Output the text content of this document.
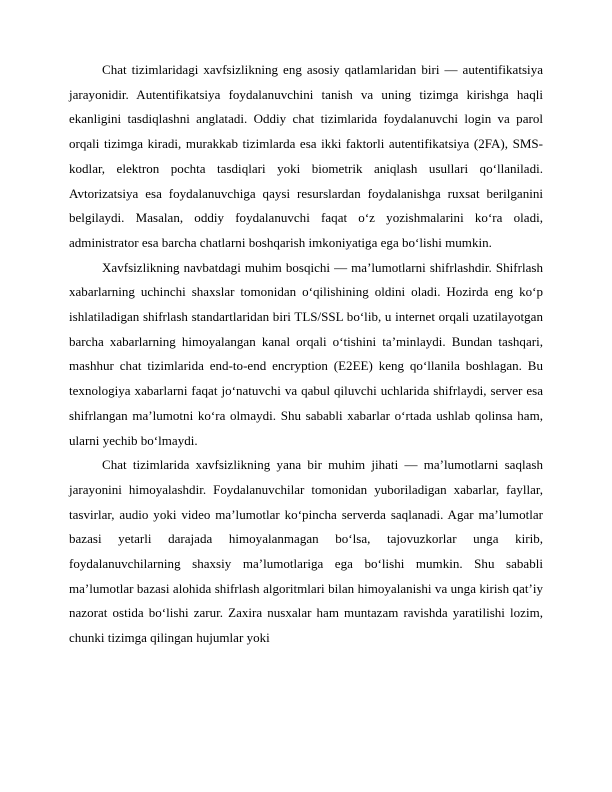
Chat tizimlaridagi xavfsizlikning eng asosiy qatlamlaridan biri — autentifikatsiya jarayonidir. Autentifikatsiya foydalanuvchini tanish va uning tizimga kirishga haqli ekanligini tasdiqlashni anglatadi. Oddiy chat tizimlarida foydalanuvchi login va parol orqali tizimga kiradi, murakkab tizimlarda esa ikki faktorli autentifikatsiya (2FA), SMS-kodlar, elektron pochta tasdiqlari yoki biometrik aniqlash usullari qo‘llaniladi. Avtorizatsiya esa foydalanuvchiga qaysi resurslardan foydalanishga ruxsat berilganini belgilaydi. Masalan, oddiy foydalanuvchi faqat o‘z yozishmalarini ko‘ra oladi, administrator esa barcha chatlarni boshqarish imkoniyatiga ega bo‘lishi mumkin.

Xavfsizlikning navbatdagi muhim bosqichi — ma’lumotlarni shifrlashdir. Shifrlash xabarlarning uchinchi shaxslar tomonidan o‘qilishining oldini oladi. Hozirda eng ko‘p ishlatiladigan shifrlash standartlaridan biri TLS/SSL bo‘lib, u internet orqali uzatilayotgan barcha xabarlarning himoyalangan kanal orqali o‘tishini ta’minlaydi. Bundan tashqari, mashhur chat tizimlarida end-to-end encryption (E2EE) keng qo‘llanila boshlagan. Bu texnologiya xabarlarni faqat jo‘natuvchi va qabul qiluvchi uchlarida shifrlaydi, server esa shifrlangan ma’lumotni ko‘ra olmaydi. Shu sababli xabarlar o‘rtada ushlab qolinsa ham, ularni yechib bo‘lmaydi.

Chat tizimlarida xavfsizlikning yana bir muhim jihati — ma’lumotlarni saqlash jarayonini himoyalashdir. Foydalanuvchilar tomonidan yuboriladigan xabarlar, fayllar, tasvirlar, audio yoki video ma’lumotlar ko‘pincha serverda saqlanadi. Agar ma’lumotlar bazasi yetarli darajada himoyalanmagan bo‘lsa, tajovuzkorlar unga kirib, foydalanuvchilarning shaxsiy ma’lumotlariga ega bo‘lishi mumkin. Shu sababli ma’lumotlar bazasi alohida shifrlash algoritmlari bilan himoyalanishi va unga kirish qat’iy nazorat ostida bo‘lishi zarur. Zaxira nusxalar ham muntazam ravishda yaratilishi lozim, chunki tizimga qilingan hujumlar yoki
